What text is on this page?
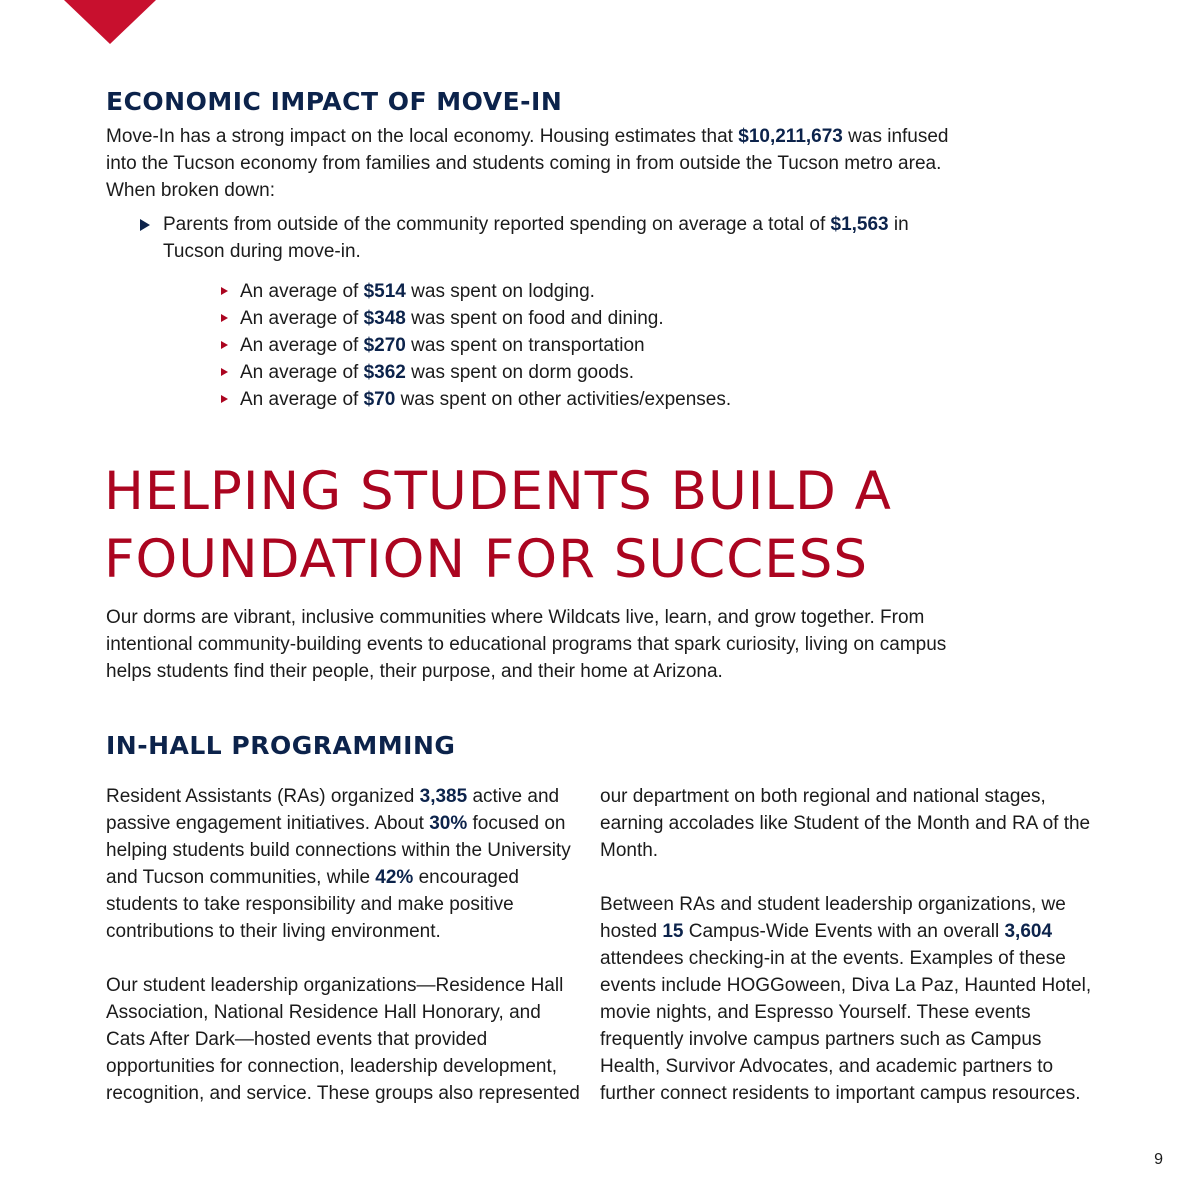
ECONOMIC IMPACT OF MOVE-IN

Move-In has a strong impact on the local economy. Housing estimates that $10,211,673 was infused into the Tucson economy from families and students coming in from outside the Tucson metro area. When broken down:

Parents from outside of the community reported spending on average a total of $1,563 in Tucson during move-in.

An average of $514 was spent on lodging.
An average of $348 was spent on food and dining.
An average of $270 was spent on transportation
An average of $362 was spent on dorm goods.
An average of $70 was spent on other activities/expenses.
HELPING STUDENTS BUILD A
FOUNDATION FOR SUCCESS

Our dorms are vibrant, inclusive communities where Wildcats live, learn, and grow together. From intentional community-building events to educational programs that spark curiosity, living on campus helps students find their people, their purpose, and their home at Arizona.

IN-HALL PROGRAMMING

Resident Assistants (RAs) organized 3,385 active and passive engagement initiatives. About 30% focused on helping students build connections within the University and Tucson communities, while 42% encouraged students to take responsibility and make positive contributions to their living environment.

Our student leadership organizations—Residence Hall Association, National Residence Hall Honorary, and Cats After Dark—hosted events that provided opportunities for connection, leadership development, recognition, and service. These groups also represented

our department on both regional and national stages, earning accolades like Student of the Month and RA of the Month.

Between RAs and student leadership organizations, we hosted 15 Campus-Wide Events with an overall 3,604 attendees checking-in at the events. Examples of these events include HOGGoween, Diva La Paz, Haunted Hotel, movie nights, and Espresso Yourself. These events frequently involve campus partners such as Campus Health, Survivor Advocates, and academic partners to further connect residents to important campus resources.

9
